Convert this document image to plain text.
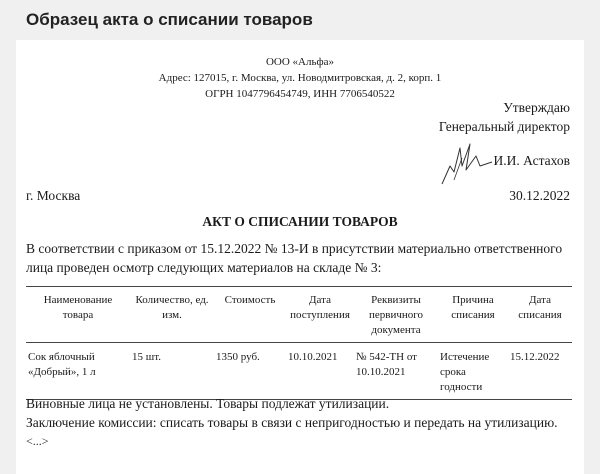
Образец акта о списании товаров
ООО «Альфа»
Адрес: 127015, г. Москва, ул. Новодмитровская, д. 2, корп. 1
ОГРН 1047796454749, ИНН 7706540522
Утверждаю
Генеральный директор
И.И. Астахов
г. Москва	30.12.2022
АКТ О СПИСАНИИ ТОВАРОВ
В соответствии с приказом от 15.12.2022 № 13-И в присутствии материально ответственного лица проведен осмотр следующих материалов на складе № 3:
Наименование товара	Количество, ед. изм.	Стоимость	Дата поступления	Реквизиты первичного документа	Причина списания	Дата списания
Сок яблочный «Добрый», 1 л	15 шт.	1350 руб.	10.10.2021	№ 542-ТН от 10.10.2021	Истечение срока годности	15.12.2022
Виновные лица не установлены. Товары подлежат утилизации.
Заключение комиссии: списать товары в связи с непригодностью и передать на утилизацию.
<...>
